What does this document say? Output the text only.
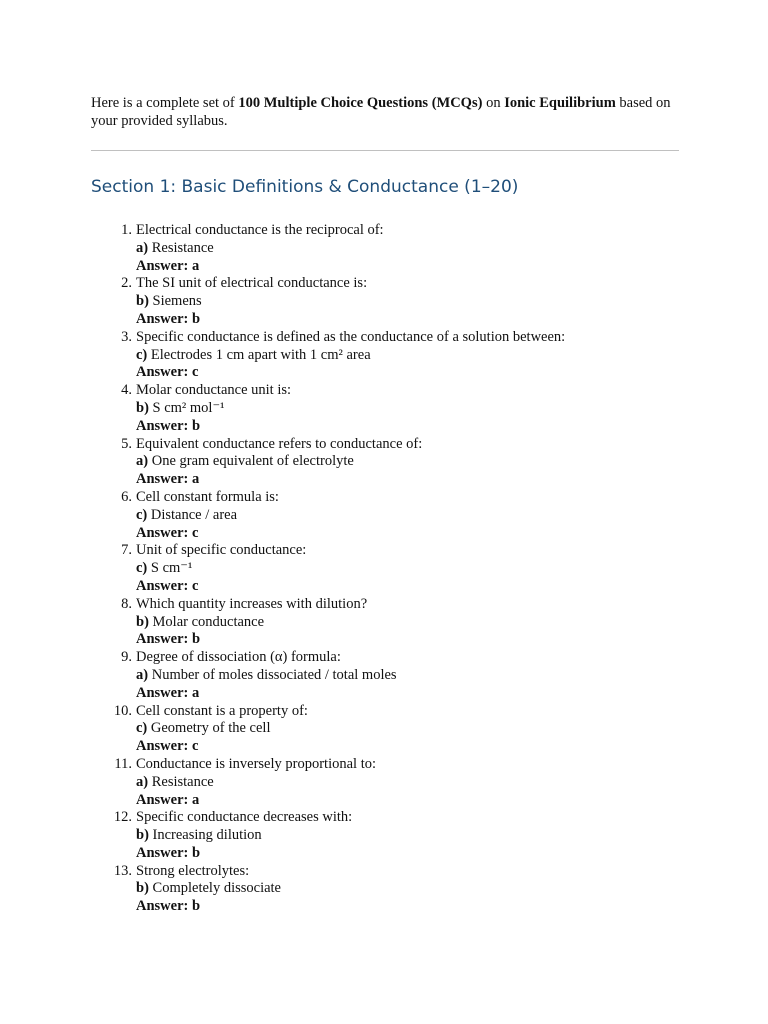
Here is a complete set of 100 Multiple Choice Questions (MCQs) on Ionic Equilibrium based on your provided syllabus.

Section 1: Basic Definitions & Conductance (1–20)
1. Electrical conductance is the reciprocal of:
a) Resistance
Answer: a
2. The SI unit of electrical conductance is:
b) Siemens
Answer: b
3. Specific conductance is defined as the conductance of a solution between:
c) Electrodes 1 cm apart with 1 cm² area
Answer: c
4. Molar conductance unit is:
b) S cm² mol⁻¹
Answer: b
5. Equivalent conductance refers to conductance of:
a) One gram equivalent of electrolyte
Answer: a
6. Cell constant formula is:
c) Distance / area
Answer: c
7. Unit of specific conductance:
c) S cm⁻¹
Answer: c
8. Which quantity increases with dilution?
b) Molar conductance
Answer: b
9. Degree of dissociation (α) formula:
a) Number of moles dissociated / total moles
Answer: a
10. Cell constant is a property of:
c) Geometry of the cell
Answer: c
11. Conductance is inversely proportional to:
a) Resistance
Answer: a
12. Specific conductance decreases with:
b) Increasing dilution
Answer: b
13. Strong electrolytes:
b) Completely dissociate
Answer: b
